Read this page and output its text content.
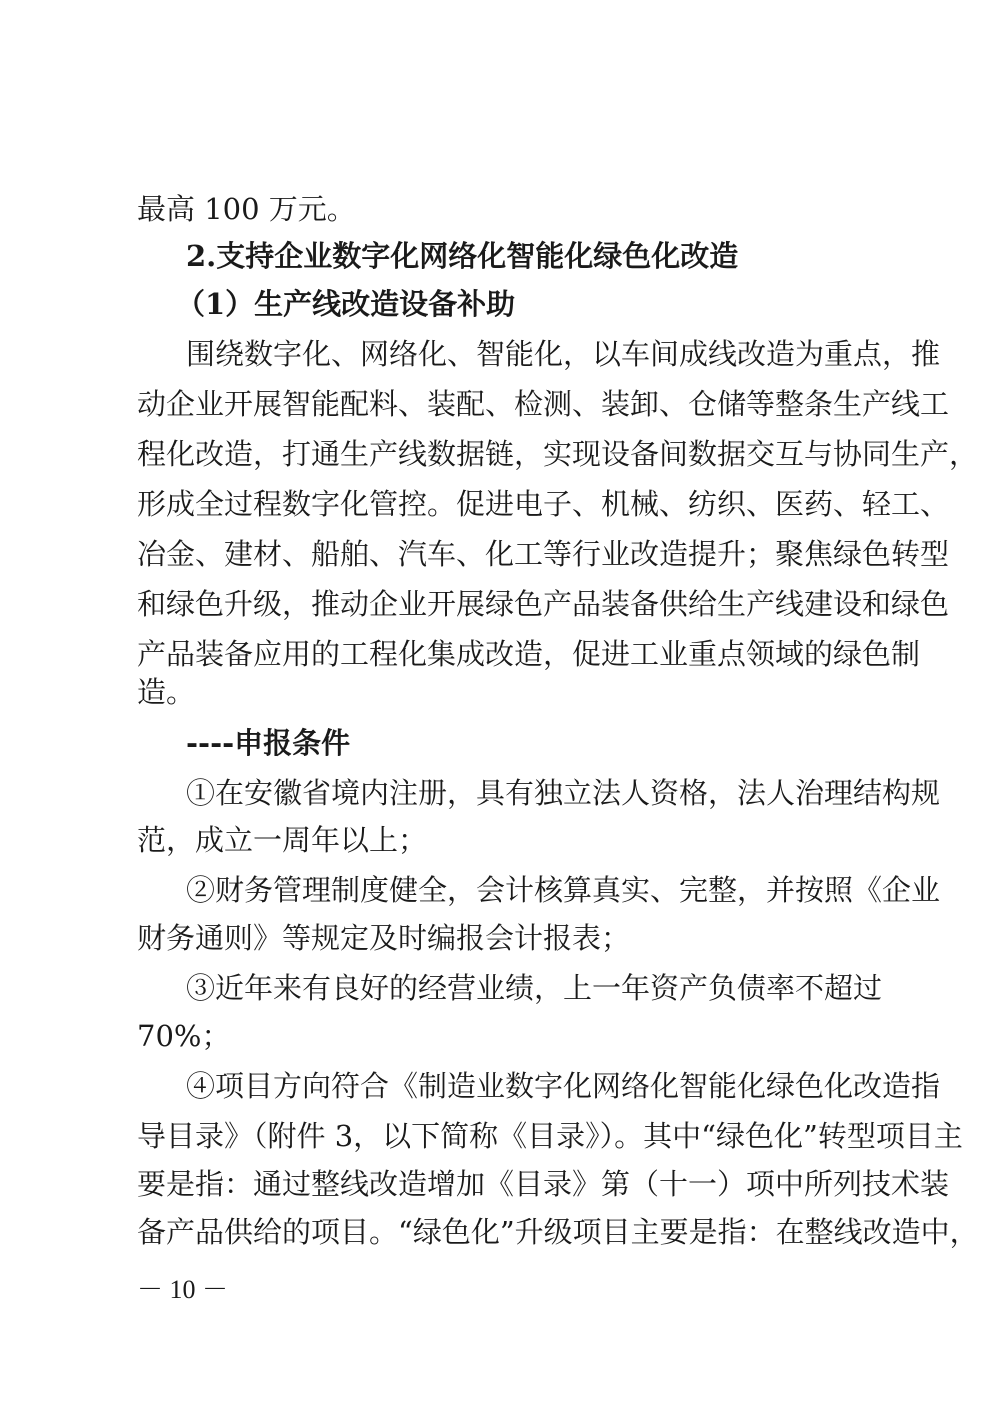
最高 100 万元。
2.支持企业数字化网络化智能化绿色化改造
（1）生产线改造设备补助
围绕数字化、网络化、智能化，以车间成线改造为重点，推
动企业开展智能配料、装配、检测、装卸、仓储等整条生产线工
程化改造，打通生产线数据链，实现设备间数据交互与协同生产，
形成全过程数字化管控。促进电子、机械、纺织、医药、轻工、
冶金、建材、船舶、汽车、化工等行业改造提升；聚焦绿色转型
和绿色升级，推动企业开展绿色产品装备供给生产线建设和绿色
产品装备应用的工程化集成改造，促进工业重点领域的绿色制
造。
----申报条件
①在安徽省境内注册，具有独立法人资格，法人治理结构规
范，成立一周年以上；
②财务管理制度健全，会计核算真实、完整，并按照《企业
财务通则》等规定及时编报会计报表；
③近年来有良好的经营业绩，上一年资产负债率不超过
70%；
④项目方向符合《制造业数字化网络化智能化绿色化改造指
导目录》（附件 3，以下简称《目录》）。其中“绿色化”转型项目主
要是指：通过整线改造增加《目录》第（十一）项中所列技术装
备产品供给的项目。“绿色化”升级项目主要是指：在整线改造中，
－ 10 －
